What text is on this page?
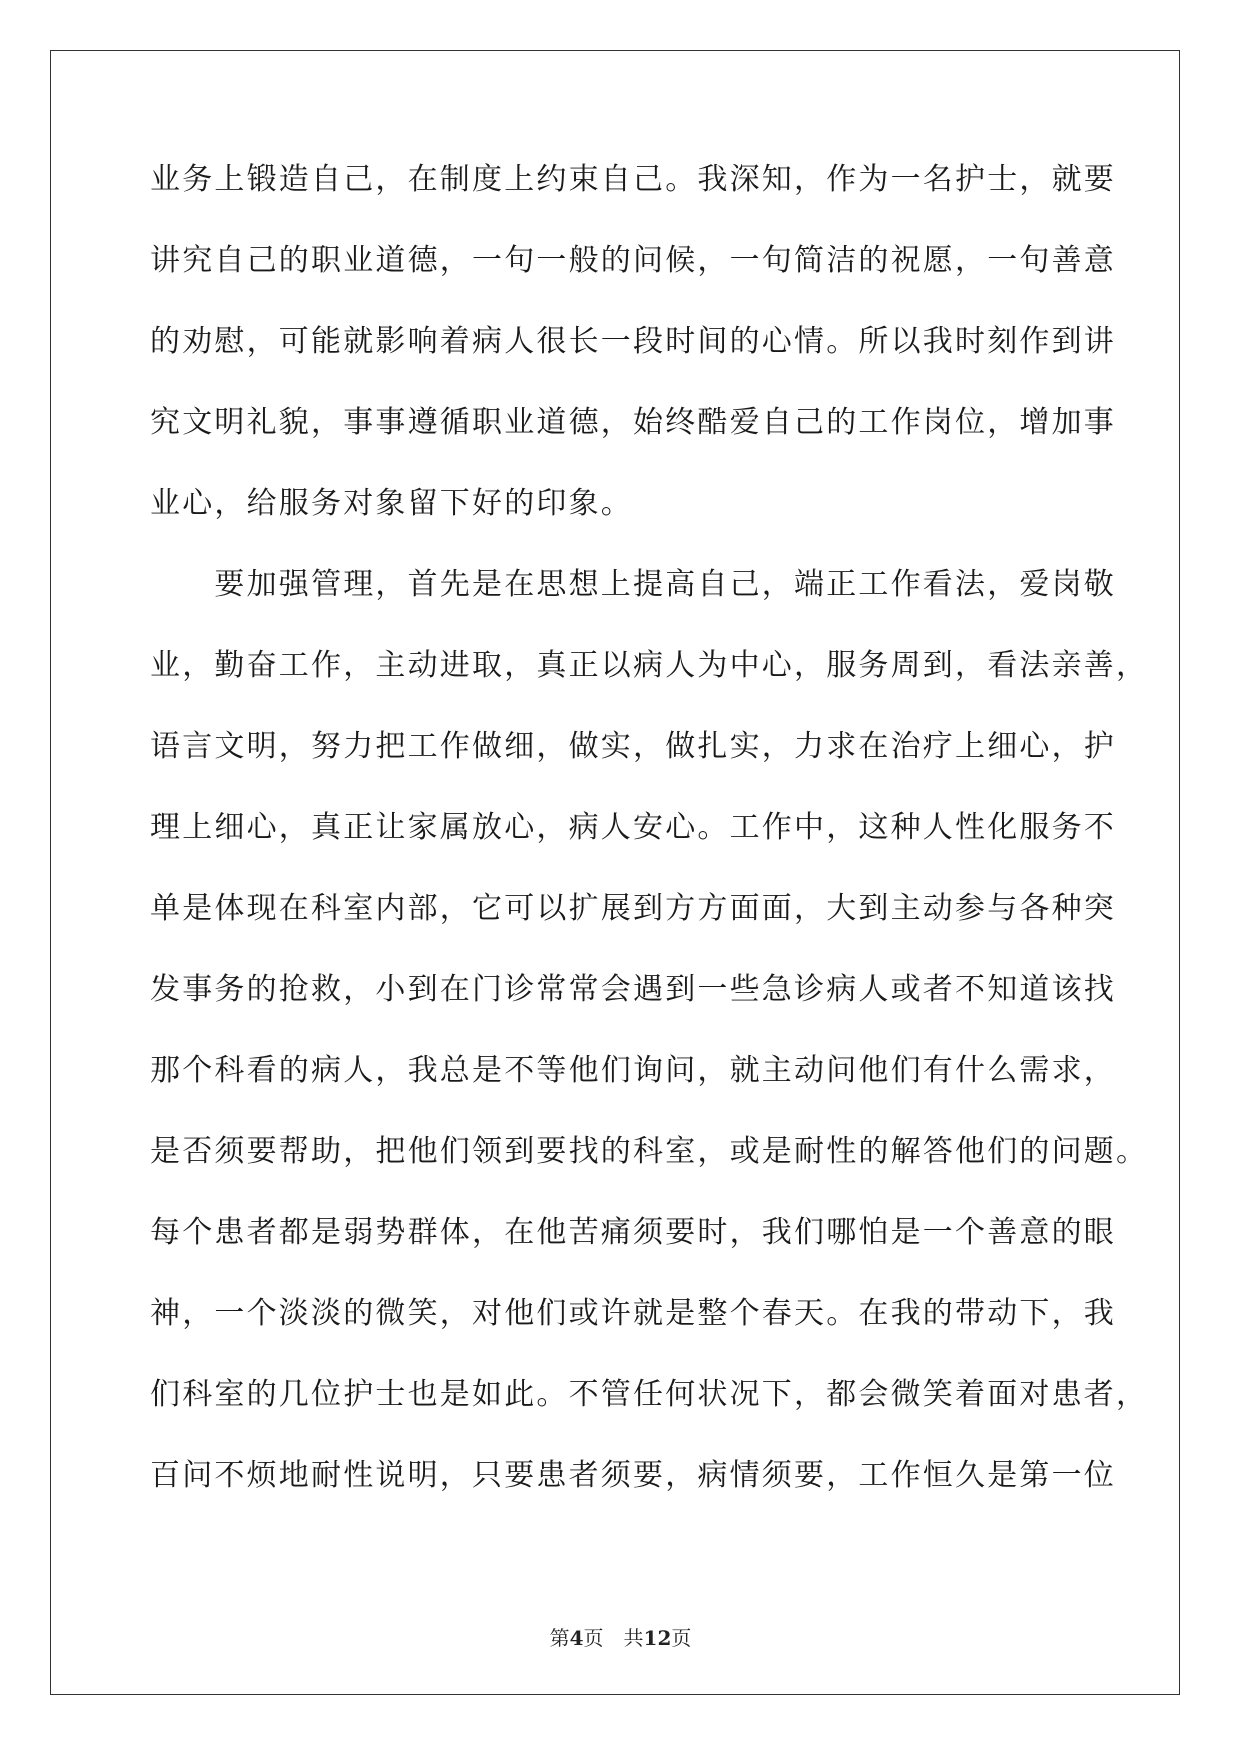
业务上锻造自己，在制度上约束自己。我深知，作为一名护士，就要
讲究自己的职业道德，一句一般的问候，一句简洁的祝愿，一句善意
的劝慰，可能就影响着病人很长一段时间的心情。所以我时刻作到讲
究文明礼貌，事事遵循职业道德，始终酷爱自己的工作岗位，增加事
业心，给服务对象留下好的印象。
　　要加强管理，首先是在思想上提高自己，端正工作看法，爱岗敬
业，勤奋工作，主动进取，真正以病人为中心，服务周到，看法亲善，
语言文明，努力把工作做细，做实，做扎实，力求在治疗上细心，护
理上细心，真正让家属放心，病人安心。工作中，这种人性化服务不
单是体现在科室内部，它可以扩展到方方面面，大到主动参与各种突
发事务的抢救，小到在门诊常常会遇到一些急诊病人或者不知道该找
那个科看的病人，我总是不等他们询问，就主动问他们有什么需求，
是否须要帮助，把他们领到要找的科室，或是耐性的解答他们的问题。
每个患者都是弱势群体，在他苦痛须要时，我们哪怕是一个善意的眼
神，一个淡淡的微笑，对他们或许就是整个春天。在我的带动下，我
们科室的几位护士也是如此。不管任何状况下，都会微笑着面对患者，
百问不烦地耐性说明，只要患者须要，病情须要，工作恒久是第一位
第4页 共12页
